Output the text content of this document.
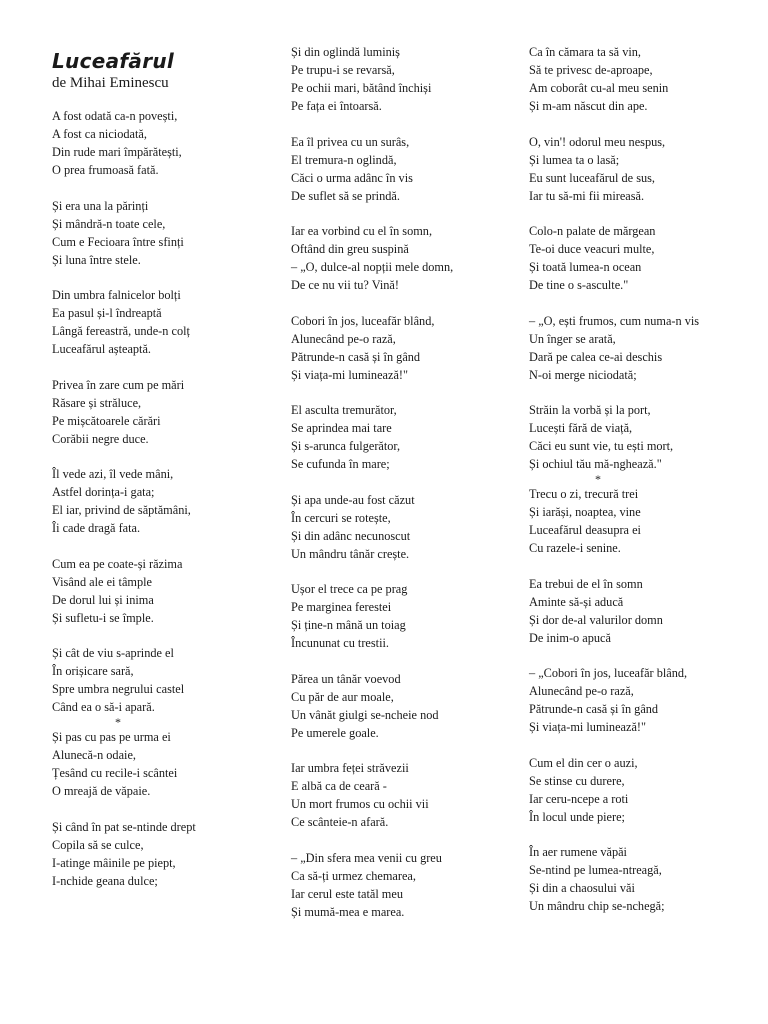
Luceafărul
de Mihai Eminescu
A fost odată ca-n povești,
A fost ca niciodată,
Din rude mari împărătești,
O prea frumoasă fată.
Și era una la părinți
Și mândră-n toate cele,
Cum e Fecioara între sfinți
Și luna între stele.
Din umbra falnicelor bolți
Ea pasul și-l îndreaptă
Lângă fereastră, unde-n colț
Luceafărul așteaptă.
Privea în zare cum pe mări
Răsare și străluce,
Pe mișcătoarele cărări
Corăbii negre duce.
Îl vede azi, îl vede mâni,
Astfel dorința-i gata;
El iar, privind de săptămâni,
Îi cade dragă fata.
Cum ea pe coate-și răzima
Visând ale ei tâmple
De dorul lui și inima
Și sufletu-i se împle.
Și cât de viu s-aprinde el
În orișicare sară,
Spre umbra negrului castel
Când ea o să-i apară.
*
Și pas cu pas pe urma ei
Alunecă-n odaie,
Țesând cu recile-i scântei
O mreajă de văpaie.
Și când în pat se-ntinde drept
Copila să se culce,
I-atinge mâinile pe piept,
I-nchide geana dulce;
Și din oglindă luminiș
Pe trupu-i se revarsă,
Pe ochii mari, bătând închiși
Pe fața ei întoarsă.
Ea îl privea cu un surâs,
El tremura-n oglindă,
Căci o urma adânc în vis
De suflet să se prindă.
Iar ea vorbind cu el în somn,
Oftând din greu suspină
– „O, dulce-al nopții mele domn,
De ce nu vii tu? Vină!
Cobori în jos, luceafăr blând,
Alunecând pe-o rază,
Pătrunde-n casă și în gând
Și viața-mi luminează!"
El asculta tremurător,
Se aprindea mai tare
Și s-arunca fulgerător,
Se cufunda în mare;
Și apa unde-au fost căzut
În cercuri se rotește,
Și din adânc necunoscut
Un mândru tânăr crește.
Ușor el trece ca pe prag
Pe marginea ferestei
Și ține-n mână un toiag
Încununat cu trestii.
Părea un tânăr voevod
Cu păr de aur moale,
Un vânăt giulgi se-ncheie nod
Pe umerele goale.
Iar umbra feței străvezii
E albă ca de ceară -
Un mort frumos cu ochii vii
Ce scânteie-n afară.
– „Din sfera mea venii cu greu
Ca să-ți urmez chemarea,
Iar cerul este tatăl meu
Și mumă-mea e marea.
Ca în cămara ta să vin,
Să te privesc de-aproape,
Am coborât cu-al meu senin
Și m-am născut din ape.
O, vin'! odorul meu nespus,
Și lumea ta o lasă;
Eu sunt luceafărul de sus,
Iar tu să-mi fii mireasă.
Colo-n palate de mărgean
Te-oi duce veacuri multe,
Și toată lumea-n ocean
De tine o s-asculte."
– „O, ești frumos, cum numa-n vis
Un înger se arată,
Dară pe calea ce-ai deschis
N-oi merge niciodată;
Străin la vorbă și la port,
Lucești fără de viață,
Căci eu sunt vie, tu ești mort,
Și ochiul tău mă-nghează."
*
Trecu o zi, trecură trei
Și iarăși, noaptea, vine
Luceafărul deasupra ei
Cu razele-i senine.
Ea trebui de el în somn
Aminte să-și aducă
Și dor de-al valurilor domn
De inim-o apucă
– „Cobori în jos, luceafăr blând,
Alunecând pe-o rază,
Pătrunde-n casă și în gând
Și viața-mi luminează!"
Cum el din cer o auzi,
Se stinse cu durere,
Iar ceru-ncepe a roti
În locul unde piere;
În aer rumene văpăi
Se-ntind pe lumea-ntreagă,
Și din a chaosului văi
Un mândru chip se-nchegă;
